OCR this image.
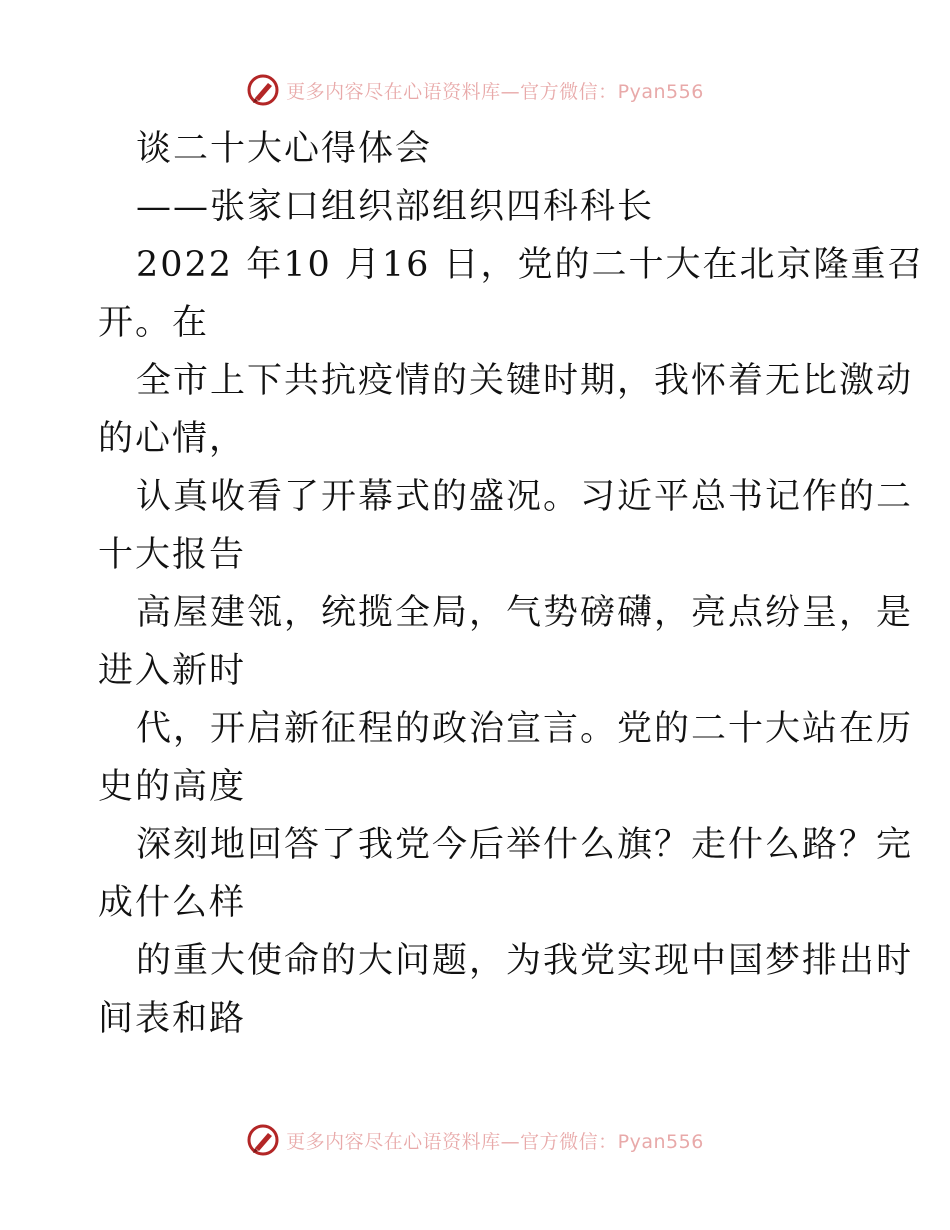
更多内容尽在心语资料库—官方微信：Pyan556
谈二十大心得体会
——张家口组织部组织四科科长
2022 年10 月16 日，党的二十大在北京隆重召
开。在
全市上下共抗疫情的关键时期，我怀着无比激动
的心情，
认真收看了开幕式的盛况。习近平总书记作的二
十大报告
高屋建瓴，统揽全局，气势磅礴，亮点纷呈，是
进入新时
代，开启新征程的政治宣言。党的二十大站在历
史的高度
深刻地回答了我党今后举什么旗？走什么路？完
成什么样
的重大使命的大问题，为我党实现中国梦排出时
间表和路
更多内容尽在心语资料库—官方微信：Pyan556
